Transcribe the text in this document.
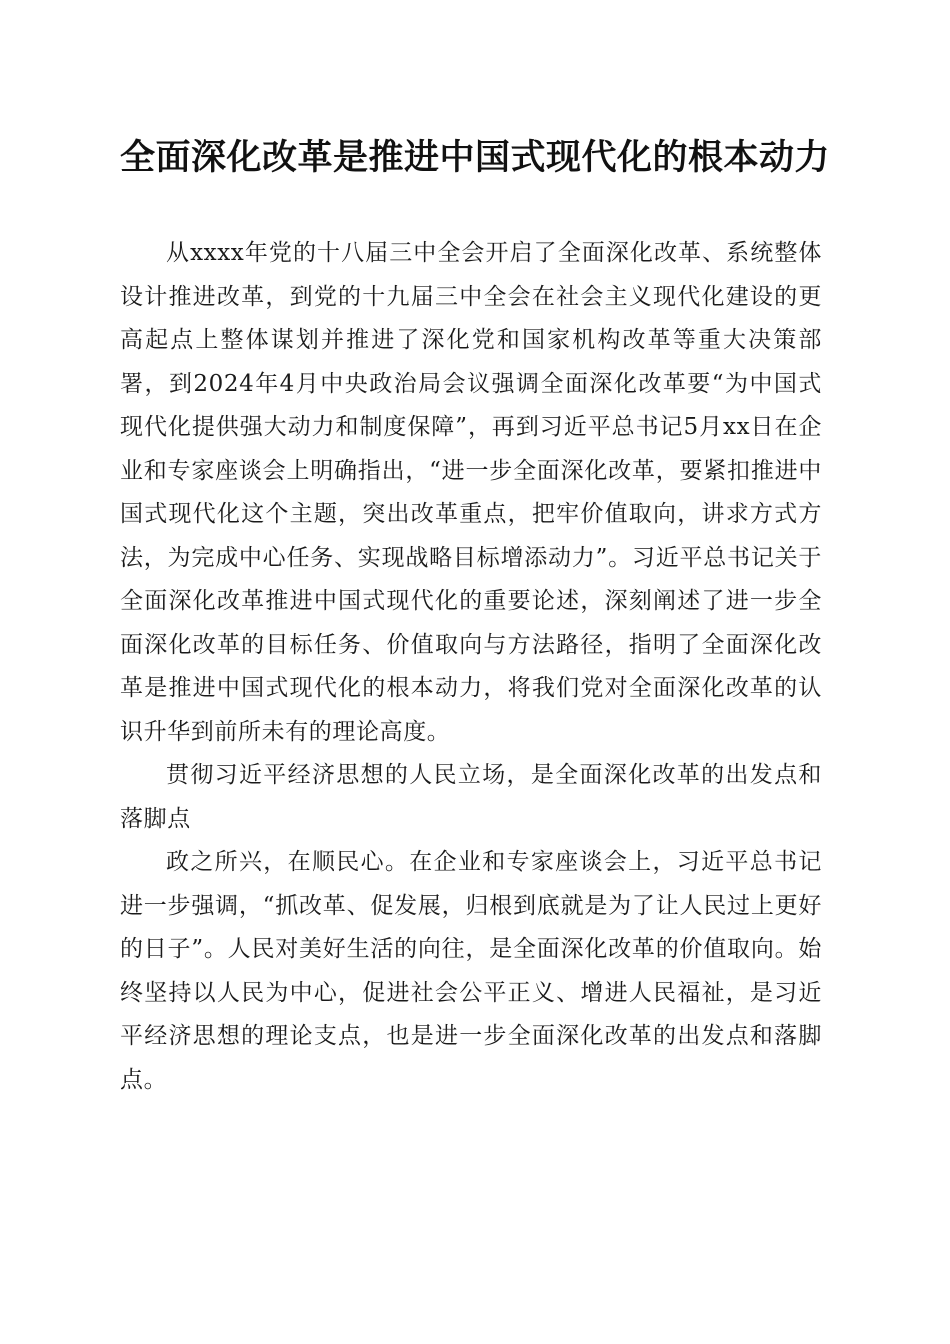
全面深化改革是推进中国式现代化的根本动力

从xxxx年党的十八届三中全会开启了全面深化改革、系统整体设计推进改革，到党的十九届三中全会在社会主义现代化建设的更高起点上整体谋划并推进了深化党和国家机构改革等重大决策部署，到2024年4月中央政治局会议强调全面深化改革要“为中国式现代化提供强大动力和制度保障”，再到习近平总书记5月xx日在企业和专家座谈会上明确指出，“进一步全面深化改革，要紧扣推进中国式现代化这个主题，突出改革重点，把牢价值取向，讲求方式方法，为完成中心任务、实现战略目标增添动力”。习近平总书记关于全面深化改革推进中国式现代化的重要论述，深刻阐述了进一步全面深化改革的目标任务、价值取向与方法路径，指明了全面深化改革是推进中国式现代化的根本动力，将我们党对全面深化改革的认识升华到前所未有的理论高度。

贯彻习近平经济思想的人民立场，是全面深化改革的出发点和落脚点

政之所兴，在顺民心。在企业和专家座谈会上，习近平总书记进一步强调，“抓改革、促发展，归根到底就是为了让人民过上更好的日子”。人民对美好生活的向往，是全面深化改革的价值取向。始终坚持以人民为中心，促进社会公平正义、增进人民福祉，是习近平经济思想的理论支点，也是进一步全面深化改革的出发点和落脚点。
